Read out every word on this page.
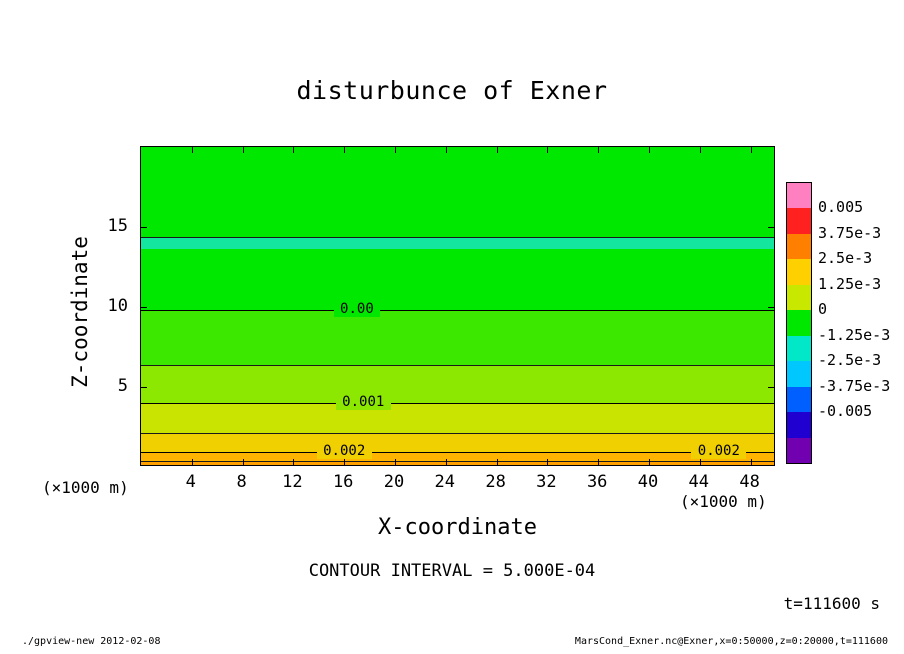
disturbunce of Exner
0.00
0.001
0.002	0.002
4	8	12	16	20	24	28	32	36	40	44	48
5
10
15
X-coordinate
Z-coordinate
(×1000 m)
(×1000 m)
0.005
3.75e-3
2.5e-3
1.25e-3
0
-1.25e-3
-2.5e-3
-3.75e-3
-0.005
CONTOUR INTERVAL = 5.000E-04
t=111600 s
./gpview-new 2012-02-08	MarsCond_Exner.nc@Exner,x=0:50000,z=0:20000,t=111600
